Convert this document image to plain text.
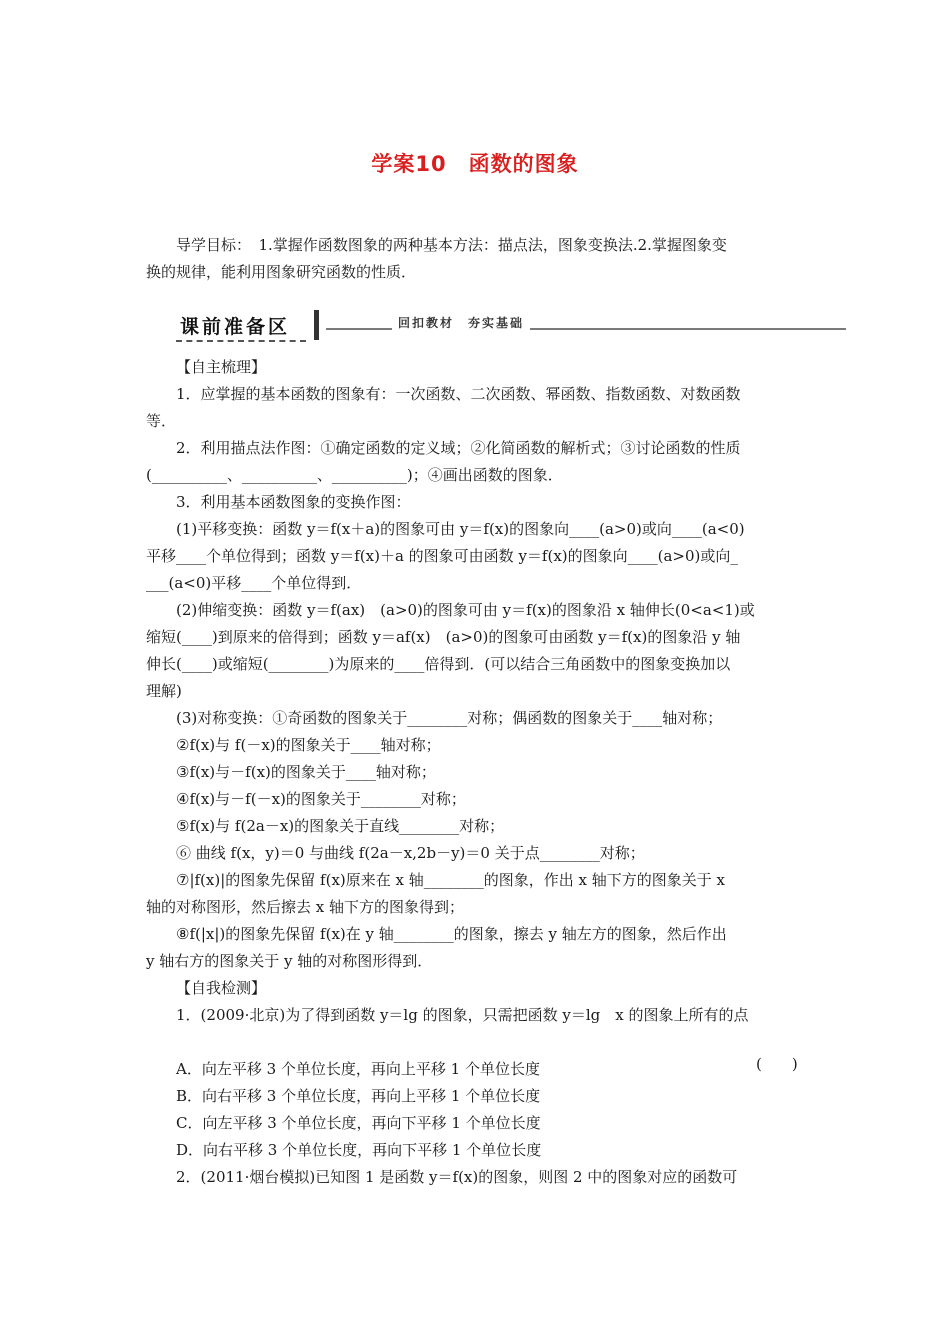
学案10　函数的图象

导学目标：　1.掌握作函数图象的两种基本方法：描点法，图象变换法.2.掌握图象变

换的规律，能利用图象研究函数的性质．

课前准备区	回扣教材　夯实基础

【自主梳理】

1．应掌握的基本函数的图象有：一次函数、二次函数、幂函数、指数函数、对数函数

等．

2．利用描点法作图：①确定函数的定义域；②化简函数的解析式；③讨论函数的性质

(__________、__________、__________)；④画出函数的图象．

3．利用基本函数图象的变换作图：

(1)平移变换：函数 y＝f(x＋a)的图象可由 y＝f(x)的图象向____(a>0)或向____(a<0)

平移____个单位得到；函数 y＝f(x)＋a 的图象可由函数 y＝f(x)的图象向____(a>0)或向_

___(a<0)平移____个单位得到．

(2)伸缩变换：函数 y＝f(ax)　(a>0)的图象可由 y＝f(x)的图象沿 x 轴伸长(0<a<1)或

缩短(____)到原来的倍得到；函数 y＝af(x)　(a>0)的图象可由函数 y＝f(x)的图象沿 y 轴

伸长(____)或缩短(________)为原来的____倍得到．(可以结合三角函数中的图象变换加以

理解)

(3)对称变换：①奇函数的图象关于________对称；偶函数的图象关于____轴对称；

②f(x)与 f(－x)的图象关于____轴对称；

③f(x)与－f(x)的图象关于____轴对称；

④f(x)与－f(－x)的图象关于________对称；

⑤f(x)与 f(2a－x)的图象关于直线________对称；

⑥ 曲线 f(x，y)＝0 与曲线 f(2a－x,2b－y)＝0 关于点________对称；

⑦|f(x)|的图象先保留 f(x)原来在 x 轴________的图象，作出 x 轴下方的图象关于 x

轴的对称图形，然后擦去 x 轴下方的图象得到；

⑧f(|x|)的图象先保留 f(x)在 y 轴________的图象，擦去 y 轴左方的图象，然后作出

y 轴右方的图象关于 y 轴的对称图形得到．

【自我检测】

1．(2009·北京)为了得到函数 y＝lg 的图象，只需把函数 y＝lg　x 的图象上所有的点

A．向左平移 3 个单位长度，再向上平移 1 个单位长度

B．向右平移 3 个单位长度，再向上平移 1 个单位长度

C．向左平移 3 个单位长度，再向下平移 1 个单位长度

D．向右平移 3 个单位长度，再向下平移 1 个单位长度

2．(2011·烟台模拟)已知图 1 是函数 y＝f(x)的图象，则图 2 中的图象对应的函数可

(　　)
